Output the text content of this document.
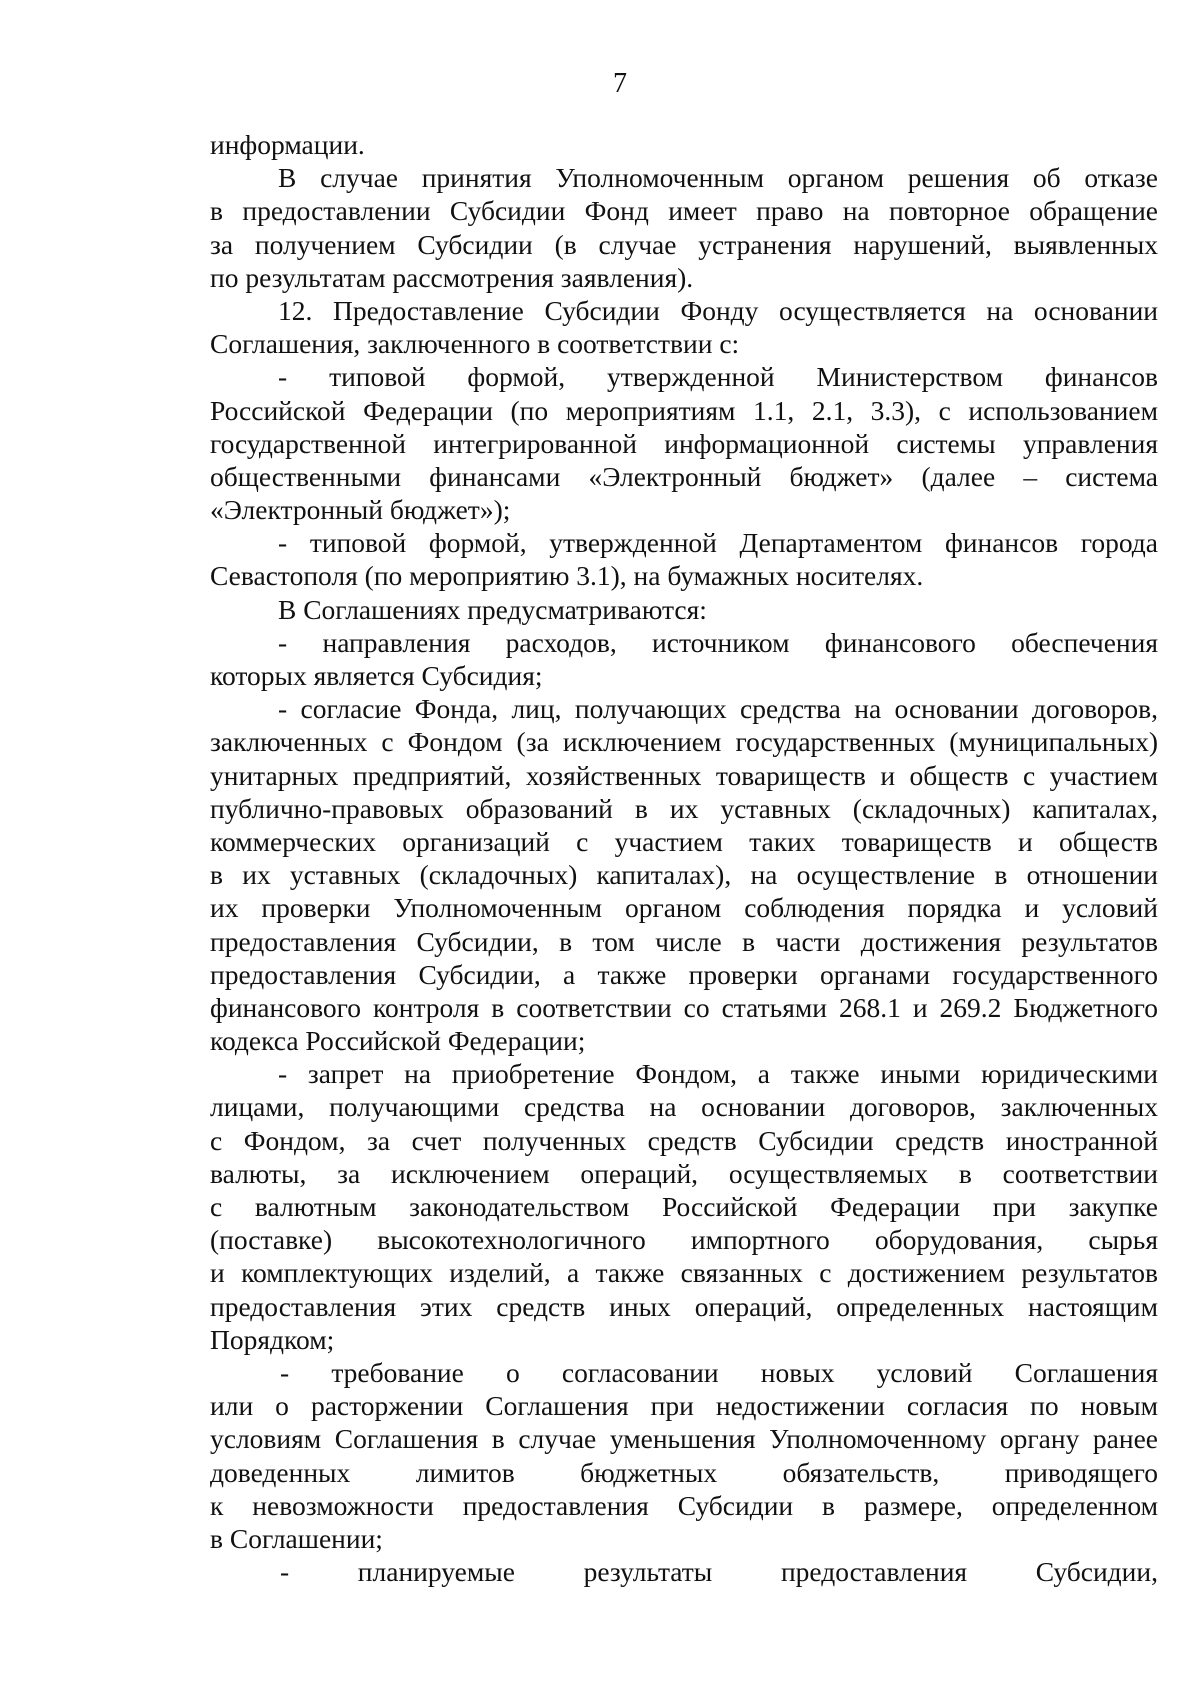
7
информации.
В случае принятия Уполномоченным органом решения об отказе
в предоставлении Субсидии Фонд имеет право на повторное обращение
за получением Субсидии (в случае устранения нарушений, выявленных
по результатам рассмотрения заявления).
12. Предоставление Субсидии Фонду осуществляется на основании
Соглашения, заключенного в соответствии с:
- типовой формой, утвержденной Министерством финансов
Российской Федерации (по мероприятиям 1.1, 2.1, 3.3), с использованием
государственной интегрированной информационной системы управления
общественными финансами «Электронный бюджет» (далее – система
«Электронный бюджет»);
- типовой формой, утвержденной Департаментом финансов города
Севастополя (по мероприятию 3.1), на бумажных носителях.
В Соглашениях предусматриваются:
- направления расходов, источником финансового обеспечения
которых является Субсидия;
- согласие Фонда, лиц, получающих средства на основании договоров,
заключенных с Фондом (за исключением государственных (муниципальных)
унитарных предприятий, хозяйственных товариществ и обществ с участием
публично-правовых образований в их уставных (складочных) капиталах,
коммерческих организаций с участием таких товариществ и обществ
в их уставных (складочных) капиталах), на осуществление в отношении
их проверки Уполномоченным органом соблюдения порядка и условий
предоставления Субсидии, в том числе в части достижения результатов
предоставления Субсидии, а также проверки органами государственного
финансового контроля в соответствии со статьями 268.1 и 269.2 Бюджетного
кодекса Российской Федерации;
- запрет на приобретение Фондом, а также иными юридическими
лицами, получающими средства на основании договоров, заключенных
с Фондом, за счет полученных средств Субсидии средств иностранной
валюты, за исключением операций, осуществляемых в соответствии
с валютным законодательством Российской Федерации при закупке
(поставке) высокотехнологичного импортного оборудования, сырья
и комплектующих изделий, а также связанных с достижением результатов
предоставления этих средств иных операций, определенных настоящим
Порядком;
- требование о согласовании новых условий Соглашения
или о расторжении Соглашения при недостижении согласия по новым
условиям Соглашения в случае уменьшения Уполномоченному органу ранее
доведенных лимитов бюджетных обязательств, приводящего
к невозможности предоставления Субсидии в размере, определенном
в Соглашении;
- планируемые результаты предоставления Субсидии,
